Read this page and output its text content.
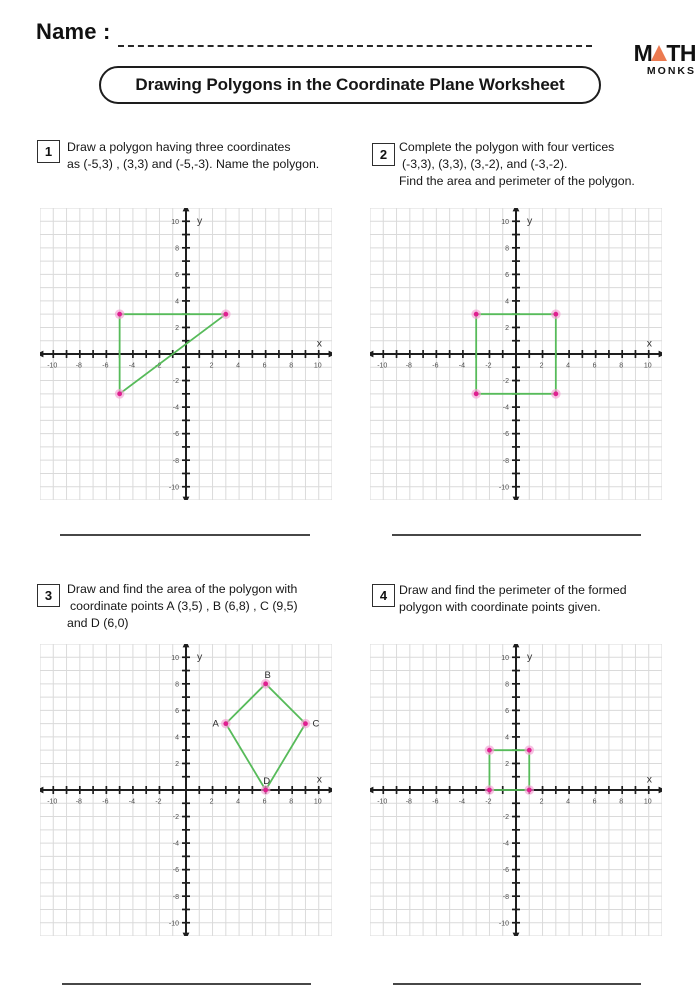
Name :
M TH
MONKS
Drawing Polygons in the Coordinate Plane Worksheet
1	Draw a polygon having three coordinates
as (-5,3) , (3,3) and (-5,-3). Name the polygon.
2 Complete the polygon with four vertices
(-3,3), (3,3), (3,-2), and (-3,-2).
Find the area and perimeter of the polygon.
-10
-10
-8
-8
-6
-6
-4
-4
-2
-2
2
2
4
4
6
6
8
8
10
10
x
y
-10
-10
-8
-8
-6
-6
-4
-4
-2
-2
2
2
4
4
6
6
8
8
10
10
x
y
3	Draw and find the area of the polygon with
coordinate points A (3,5) , B (6,8) , C (9,5)
and D (6,0)
4 Draw and find the perimeter of the formed
polygon with coordinate points given.
-10
-10
-8
-8
-6
-6
-4
-4
-2
-2
2
2
4
4
6
6
8
8
10
10
x
y
A
B
C
D
-10
-10
-8
-8
-6
-6
-4
-4
-2
-2
2
2
4
4
6
6
8
8
10
10
x
y
